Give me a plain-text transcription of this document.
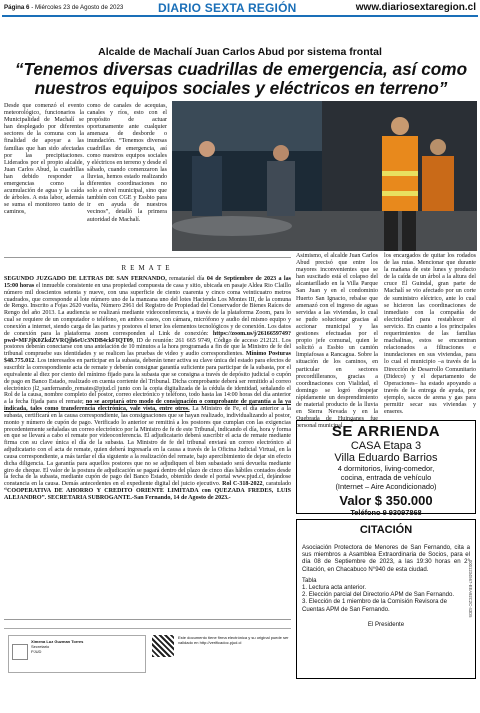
Página 6 - Miércoles 23 de Agosto de 2023	DIARIO SEXTA REGIÓN	www.diariosextaregion.cl
Alcalde de Machalí Juan Carlos Abud por sistema frontal
“Tenemos diversas cuadrillas de emergencia, así como nuestros equipos sociales y eléctricos en terreno”
Desde que comenzó el evento meteorológico, funcionarios la Municipalidad de Machalí se han desplegado por diferentes sectores de la comuna con la finalidad de apoyar a las familias que han sido afectadas por las precipitaciones. Liderados por el propio alcalde, Juan Carlos Abud, la cuadrillas han debido responder a emergencias como la acumulación de agua y la caída de árboles. A esta labor, además se suma el monitoreo tanto de caminos,
como de canales de acequias, canales y ríos, esto con el propósito de actuar oportunamente ante cualquier amenaza de desborde o inundación. “Tenemos diversas cuadrillas de emergencia, así como nuestros equipos sociales y eléctricos en terreno y desde el sábado, cuando comenzaron las lluvias, hemos estado realizando diferentes coordinaciones no solo a nivel municipal, sino que también con CGE y Essbio para ir en ayuda de nuestros vecinos”, detalló la primera autoridad de Machalí.
REMATE
SEGUNDO JUZGADO DE LETRAS DE SAN FERNANDO, remataráel día 04 de Septiembre de 2023 a las 15:00 horas el inmueble consistente en una propiedad compuesta de casa y sitio, ubicada en pasaje Aldea Rio Claillo número mil doscientos setenta y nueve, con una superficie de ciento cuarenta y cinco coma veinticuatro metros cuadrados, que corresponde al lote número uno de la manzana uno del lotes Hacienda Los Montes III, de la comuna de Rengo. Inscrito a Fojas 2620 vuelta, Número 2961 del Registro de Propiedad del Conservador de Bienes Raíces de Rengo del año 2013. La audiencia se realizará mediante videoconferencia, a través de la plataforma Zoom, para lo cual se requiere de un computador o teléfono, en ambos casos, con cámara, micrófono y audio del mismo equipo y conexión a internet, siendo carga de las partes y postores el tener los elementos tecnológicos y de conexión. Los datos de conexión para la plataforma zoom corresponden al Link de conexión: https://zoom.us/j/2616659749?pwd=MFJjK0ZkdZVRQjh6eUc3NDB4ckFIQT09, ID de reunión: 261 665 9749, Código de acceso 212121. Los postores deberán conectarse con una antelación de 10 minutos a la hora programada a fin de que la Ministro de fe del tribunal compruebe sus identidades y se realicen las pruebas de video y audio correspondientes. Mínimo Posturas $48.775.012. Los interesados en participar en la subasta, deberán tener activa su clave única del estado para efectos de suscribir la correspondiente acta de remate y deberán consignar garantía suficiente para participar de la subasta, por el equivalente al diez por ciento del mínimo fijado para la subasta que se consigna a través de depósito judicial o cupón de pago en Banco Estado, realizado en cuenta corriente del Tribunal. Dicha comprobante deberá ser remitido al correo electrónico jl2_sanfernando_remates@pjud.cl junto con la copia digitalizada de la cédula de identidad, señalando el Rol de la causa, nombre completo del postor, correo electrónico y teléfono, todo hasta las 14:00 horas del día anterior a la fecha fijada para el remate; no se aceptará otro modo de consignación o comprobante de garantía a la ya indicada, tales como transferencia electrónica, vale vista, entre otros. La Ministro de Fe, el día anterior a la subasta, certificará en la causa correspondiente, las consignaciones que se hayan realizado, individualizando al postor, monto y número de cupón de pago. Verificado lo anterior se remitirá a los postores que cumplan con las exigencias precedentemente señaladas un correo electrónico por la Ministro de fe de este Tribunal, indicando el día, hora y forma en que se llevará a cabo el remate por videoconferencia. El adjudicatario deberá suscribir el acta de remate mediante firma con su clave única el día de la subasta. La Ministro de fe del tribunal enviará un correo electrónico al adjudicatario con el acta de remate, quien deberá ingresarla en la causa a través de la Oficina Judicial Virtual, en la causa correspondiente, a más tardar el día siguiente a la realización del remate, bajo apercibimiento de dejar sin efecto dicha diligencia. La garantía para aquellos postores que no se adjudiquen el bien subastado será devuelta mediante giro de cheque. El valor de la postura de adjudicación se pagará dentro del plazo de cinco días hábiles contados desde la fecha de la subasta, mediante cupón de pago del Banco Estado, obtenido desde el portal www.pjud.cl, dejándose constancia en la causa. Demás antecedentes en el expediente digital del juicio ejecutivo. Rol C-318-2022, caratulado “COOPERATIVA DE AHORRO Y CREDITO ORIENTE LIMITADA con QUEZADA FREDES, LUIS ALEJANDRO”. SECRETARIA SUBROGANTE.-San Fernando, 14 de Agosto de 2023.-
Asimismo, el alcalde Juan Carlos Abud precisó que entre los mayores inconvenientes que se han suscitado está el colapso del alcantarillado en la Villa Parque San Juan y en el condominio Huerto San Ignacio, rebalse que amenazó con el ingreso de aguas servidas a las viviendas, lo cual se pudo solucionar gracias al accionar municipal y las gestiones efectuadas por el propio jefe comunal, quien le solicitó a Essbio un camión limpiafosas a Rancagua. Sobre la situación de los caminos, en particular en sectores precordilleranos, gracias a coordinaciones con Vialidad, el domingo se logró despejar rápidamente un desprendimiento de material producto de la lluvia en Sierra Nevada y en la Quebrada de Huinganes fue personal municipal
los encargados de quitar los rodados de las rutas. Mencionar que durante la mañana de este lunes y producto de la caída de un árbol a la altura del cruce El Guindal, gran parte de Machalí se vio afectado por un corte de suministro eléctrico, ante lo cual se hicieron las coordinaciones de inmediato con la compañía de electricidad para restablecer el servicio. En cuanto a los principales requerimientos de las familias machalinas, estos se encuentran relacionados a filtraciones e inundaciones en sus viviendas, para lo cual el municipio –a través de la Dirección de Desarrollo Comunitario (Dideco) y el departamento de Operaciones– ha estado apoyando a través de la entrega de ayuda, por ejemplo, sacos de arena y gas para permitir secar sus viviendas y enseres.
SE ARRIENDA
CASA Etapa 3
Villa Eduardo Barrios
4 dormitorios, living-comedor,
cocina, entrada de vehículo
(Internet – Aire Acondicionado)
Valor $ 350.000
Teléfono 9 93097868
CITACIÓN
Asociación Protectora de Menores de San Fernando, cita a sus miembros a Asamblea Extraordinaria de Socios, para el día 08 de Septiembre de 2023, a las 19:30 horas en 2° Citación, en Chacabuco N°940 de esta ciudad.
Tabla
1. Lectura acta anterior.
2. Elección parcial del Directorio APM de San Fernando.
3. Elección de 1 miembro de la Comisión Revisora de Cuentas APM de San Fernando.
El Presidente
Ximena Luz Guzman Torres
Secretario
PJUD
Este documento tiene firma electrónica y su original puede ser validado en http://verificadoc.pjud.cl
0001234567-EEA92C2C-43D5
